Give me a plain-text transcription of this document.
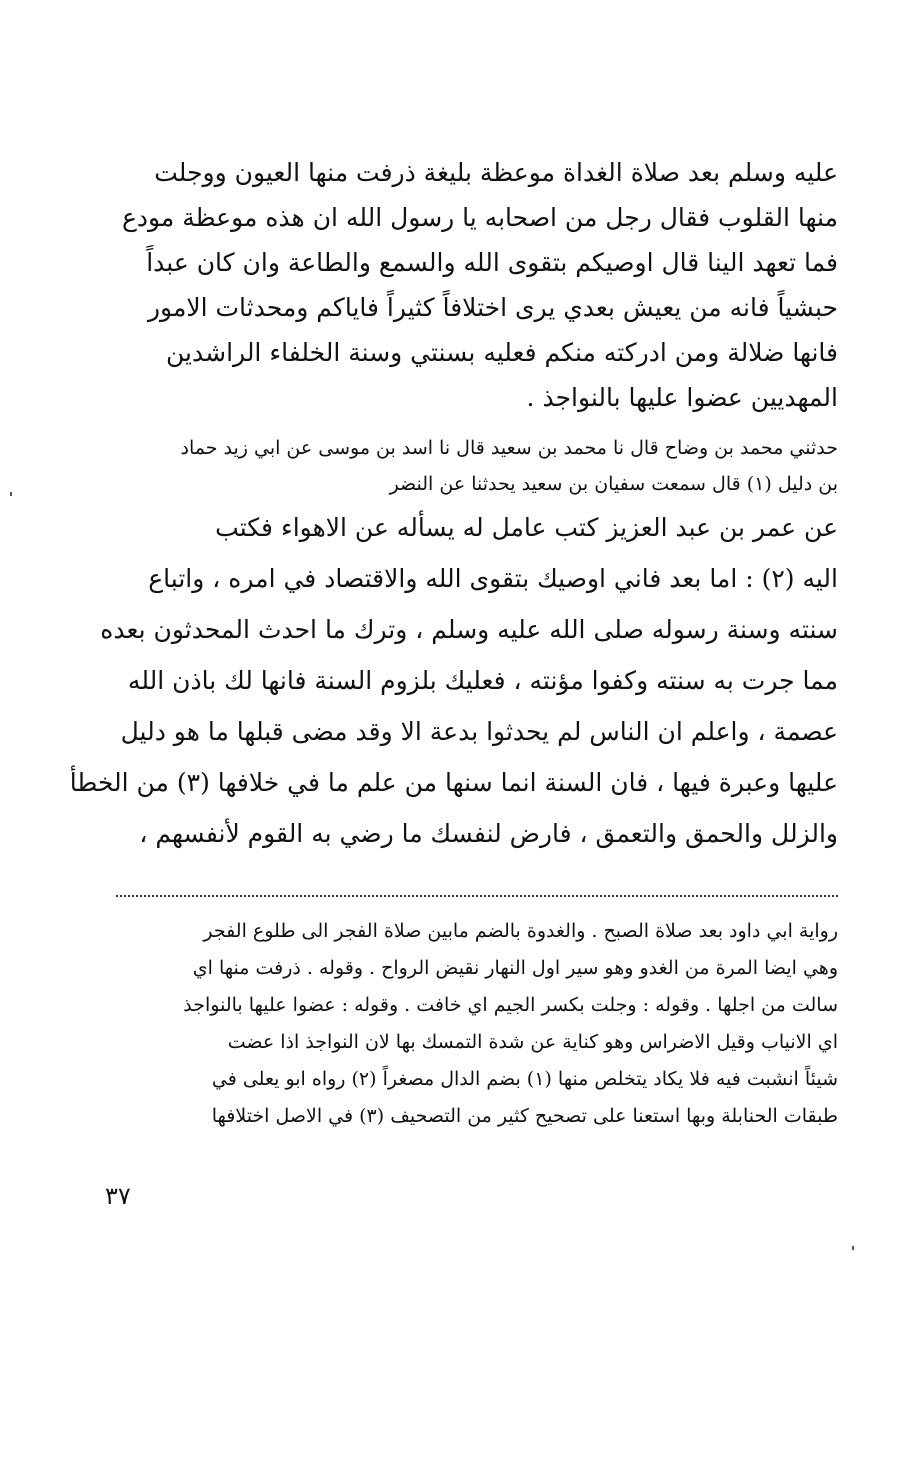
عليه وسلم بعد صلاة الغداة موعظة بليغة ذرفت منها العيون ووجلت
منها القلوب فقال رجل من اصحابه يا رسول الله ان هذه موعظة مودع
فما تعهد الينا قال اوصيكم بتقوى الله والسمع والطاعة وان كان عبداً
حبشياً فانه من يعيش بعدي يرى اختلافاً كثيراً فاياكم ومحدثات الامور
فانها ضلالة ومن ادركته منكم فعليه بسنتي وسنة الخلفاء الراشدين
المهديين عضوا عليها بالنواجذ .
حدثني محمد بن وضاح قال نا محمد بن سعيد قال نا اسد بن موسى عن ابي زيد حماد
بن دليل (١) قال سمعت سفيان بن سعيد يحدثنا عن النضر
عن عمر بن عبد العزيز كتب عامل له يسأله عن الاهواء فكتب
اليه (٢) : اما بعد فاني اوصيك بتقوى الله والاقتصاد في امره ، واتباع
سنته وسنة رسوله صلى الله عليه وسلم ، وترك ما احدث المحدثون بعده
مما جرت به سنته وكفوا مؤنته ، فعليك بلزوم السنة فانها لك باذن الله
عصمة ، واعلم ان الناس لم يحدثوا بدعة الا وقد مضى قبلها ما هو دليل
عليها وعبرة فيها ، فان السنة انما سنها من علم ما في خلافها (٣) من الخطأ
والزلل والحمق والتعمق ، فارض لنفسك ما رضي به القوم لأنفسهم ،
رواية ابي داود بعد صلاة الصبح . والغدوة بالضم مابين صلاة الفجر الى طلوع الفجر
وهي ايضا المرة من الغدو وهو سير اول النهار نقيض الرواح . وقوله . ذرفت منها اي
سالت من اجلها . وقوله : وجلت بكسر الجيم اي خافت . وقوله : عضوا عليها بالنواجذ
اي الانياب وقيل الاضراس وهو كناية عن شدة التمسك بها لان النواجذ اذا عضت
شيئاً انشبت فيه فلا يكاد يتخلص منها (١) بضم الدال مصغراً (٢) رواه ابو يعلى في
طبقات الحنابلة وبها استعنا على تصحيح كثير من التصحيف (٣) في الاصل اختلافها
٣٧
